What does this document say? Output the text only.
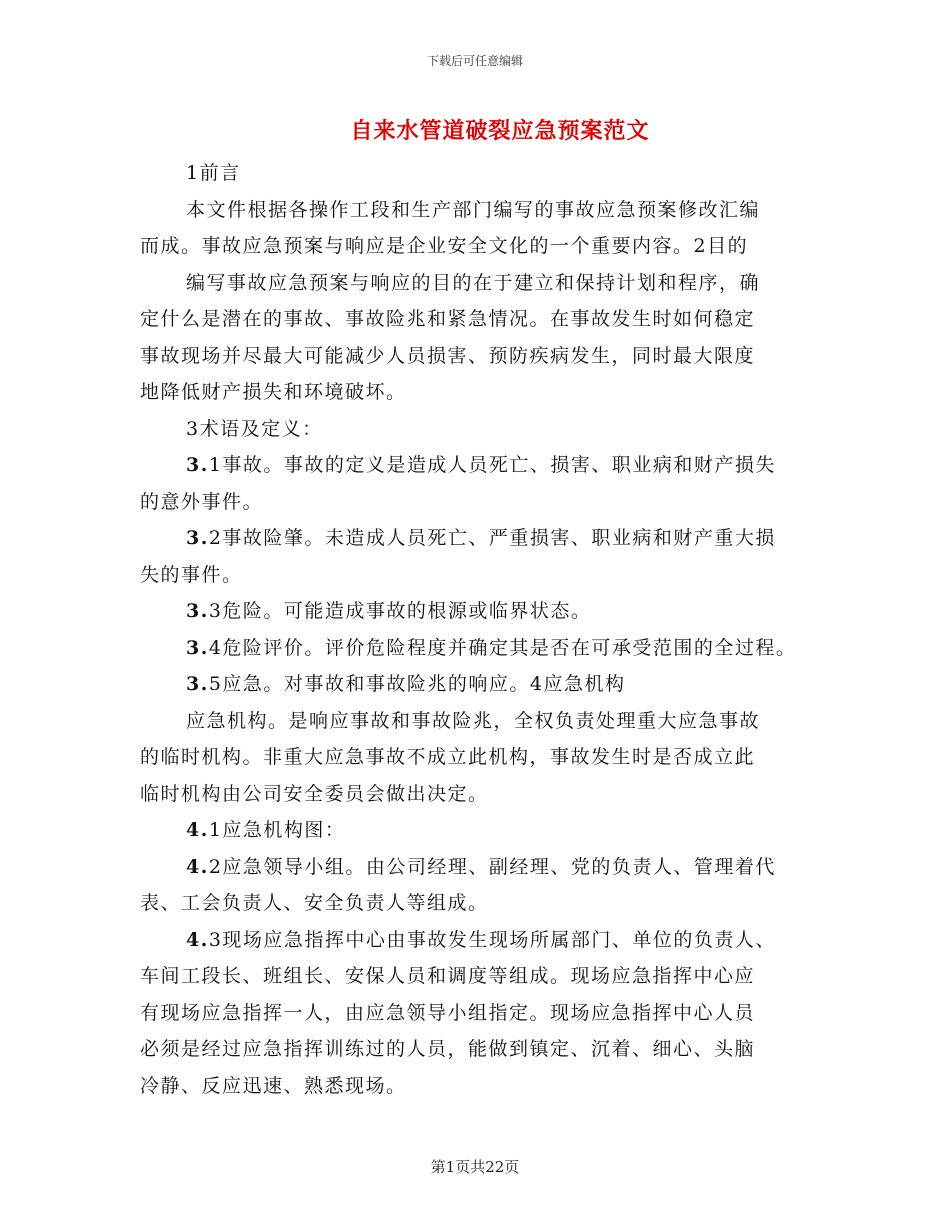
下载后可任意编辑
自来水管道破裂应急预案范文

1前言

本文件根据各操作工段和生产部门编写的事故应急预案修改汇编

而成。事故应急预案与响应是企业安全文化的一个重要内容。2目的

编写事故应急预案与响应的目的在于建立和保持计划和程序，确

定什么是潜在的事故、事故险兆和紧急情况。在事故发生时如何稳定

事故现场并尽最大可能减少人员损害、预防疾病发生，同时最大限度

地降低财产损失和环境破坏。

3术语及定义：

3.1事故。事故的定义是造成人员死亡、损害、职业病和财产损失

的意外事件。

3.2事故险肇。未造成人员死亡、严重损害、职业病和财产重大损

失的事件。

3.3危险。可能造成事故的根源或临界状态。

3.4危险评价。评价危险程度并确定其是否在可承受范围的全过程。

3.5应急。对事故和事故险兆的响应。4应急机构

应急机构。是响应事故和事故险兆，全权负责处理重大应急事故

的临时机构。非重大应急事故不成立此机构，事故发生时是否成立此

临时机构由公司安全委员会做出决定。

4.1应急机构图：

4.2应急领导小组。由公司经理、副经理、党的负责人、管理着代

表、工会负责人、安全负责人等组成。

4.3现场应急指挥中心由事故发生现场所属部门、单位的负责人、

车间工段长、班组长、安保人员和调度等组成。现场应急指挥中心应

有现场应急指挥一人，由应急领导小组指定。现场应急指挥中心人员

必须是经过应急指挥训练过的人员，能做到镇定、沉着、细心、头脑

冷静、反应迅速、熟悉现场。

第1页共22页
